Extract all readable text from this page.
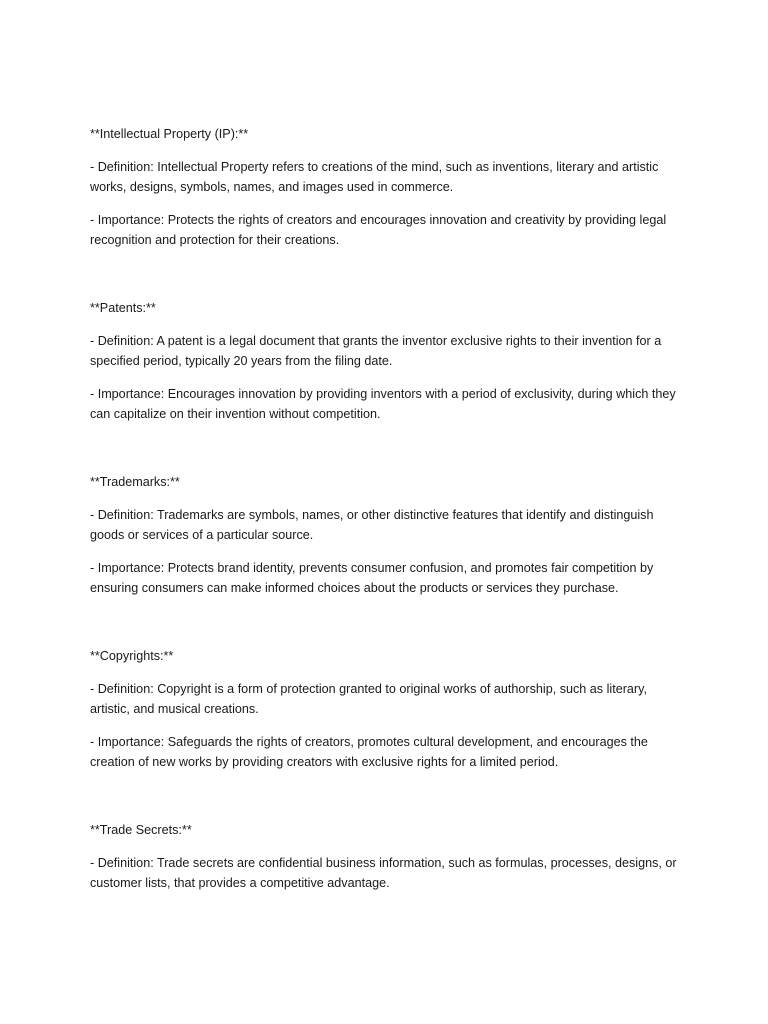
**Intellectual Property (IP):**

- Definition: Intellectual Property refers to creations of the mind, such as inventions, literary and artistic works, designs, symbols, names, and images used in commerce.

- Importance: Protects the rights of creators and encourages innovation and creativity by providing legal recognition and protection for their creations.

**Patents:**

- Definition: A patent is a legal document that grants the inventor exclusive rights to their invention for a specified period, typically 20 years from the filing date.

- Importance: Encourages innovation by providing inventors with a period of exclusivity, during which they can capitalize on their invention without competition.

**Trademarks:**

- Definition: Trademarks are symbols, names, or other distinctive features that identify and distinguish goods or services of a particular source.

- Importance: Protects brand identity, prevents consumer confusion, and promotes fair competition by ensuring consumers can make informed choices about the products or services they purchase.

**Copyrights:**

- Definition: Copyright is a form of protection granted to original works of authorship, such as literary, artistic, and musical creations.

- Importance: Safeguards the rights of creators, promotes cultural development, and encourages the creation of new works by providing creators with exclusive rights for a limited period.

**Trade Secrets:**

- Definition: Trade secrets are confidential business information, such as formulas, processes, designs, or customer lists, that provides a competitive advantage.
